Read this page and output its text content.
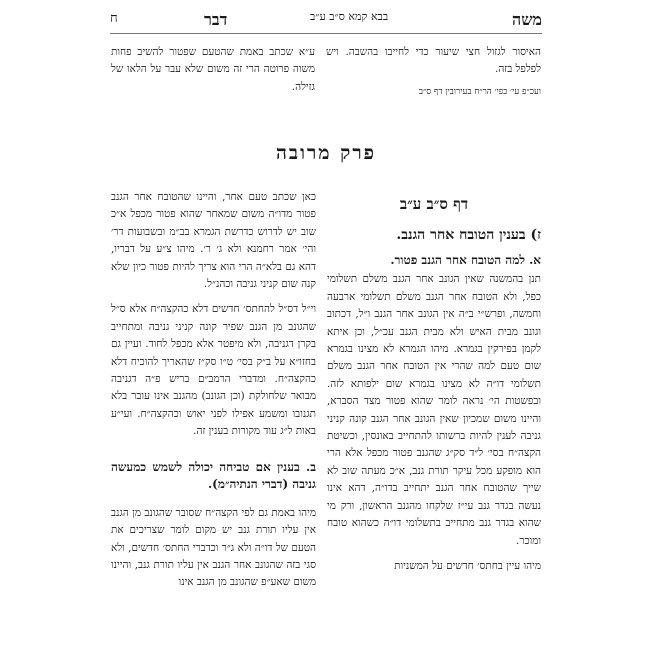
ח	דבר	בבא קמא ס״ב ע״ב	משה

האיסור לגזול חצי שיעור כדי לחייבו בהשבה. ויש לפלפל בזה.

ועכ״פ עי׳ כפי׳ הר״ח בעירובין דף ס״ב

ע״א שכתב באמת שהטעם שפטור להשיב פחות משוה פרוטה הרי זה משום שלא עבר על הלאו של גזילה.

פרק מרובה

דף ס״ב ע״ב

ז) בענין הטובח אחר הגנב.

א. למה הטובח אחר הגנב פטור.

תנן בהמשנה שאין הגונב אחר הגנב משלם תשלומי כפל, ולא הטובח אחר הגנב משלם תשלומי ארבעה וחמשה, ופרש״י ב״ה אין הגונב אחר הגנב ו״ל, דכתוב וגונב מבית האיש ולא מבית הגנב עכ״ל, וכן איתא לקמן בפירקין בגמרא. מיהו הגמרא לא מצינו בגמרא שום טעם למה שהרי אין הטובח אחר הגנב משלם תשלומי דו״ה לא מצינו בגמרא שום ילפותא לזה. ובפשטות הי׳ נראה לומר שהוא פטור מצד הסברא, והיינו משום שמכיון שאין הגונב אחר הגנב קונה קניני גניבה לענין להיות ברשותו להתחייב באונסין, וכשיטת הקצה״ח בסי׳ ל״ד סק״ג שהגנב פטור מכפל אלא הרי הוא מופקע מכל עיקר תורת גנב, א״כ מעתה שוב לא שייך שהטובח אחר הגנב יתחייב בדו״ה, דהא אינו נעשה בגדר גנב עי״ז שלקחו מהגנב הראשון, ורק מי שהוא בגדר גנב מתחייב בתשלומי דו״ה כשהוא טובח ומוכר.

מיהו עיין בחתס׳ חדשים על המשניות

כאן שכתב טעם אחר, והיינו שהטובח אחר הגנב פטור מדו״ה משום שמאחר שהוא פטור מכפל א״כ שוב יש לדרוש כדרשת הגמרא בב״מ ובשבועות דר׳ והי׳ אמר רחמנא ולא ג׳ ר׳. מיהו צ״ע על דבריו, דהא גם בלא״ה הרי הוא צריך להיות פטור כיון שלא קנה שום קניני גניבה וכהנ״ל.

וי״ל דס״ל להחתס׳ חדשים דלא כהקצה״ח אלא ס״ל שהגונב מן הגנב שפיר קונה קניני גניבה ומתחייב בקרן דגניבה, ולא מיפטר אלא מכפל לחוד. ועיין גם בחזו״א על ב״ק בסי׳ ט״ו סק״ז שהאריך להוכיח דלא כהקצה״ח. ומדברי הרמב״ם בריש פ״ה דגניבה מבואר שלחולקת (וכן הגונב) מהגנב אינו עובר בלא תגנובו ומשמע אפילו לפני יאוש וכהקצה״ח. ועי״ע באות ל״ג עוד מקורות בענין זה.

ב. בענין אם טביחה יכולה לשמש כמעשה גניבה (דברי הנתיה״מ).

מיהו באמת גם לפי הקצה״ח שסובר שהגונב מן הגנב אין עליו תורת גנב יש מקום לומר שצריכים את הטעם של דו״ה ולא ג״ר וכדברי החתס׳ חדשים, ולא סגי בזה שהגונב אחר הגנב אין עליו תורת גנב, והיינו משום שאע״פ שהגונב מן הגנב אינו
